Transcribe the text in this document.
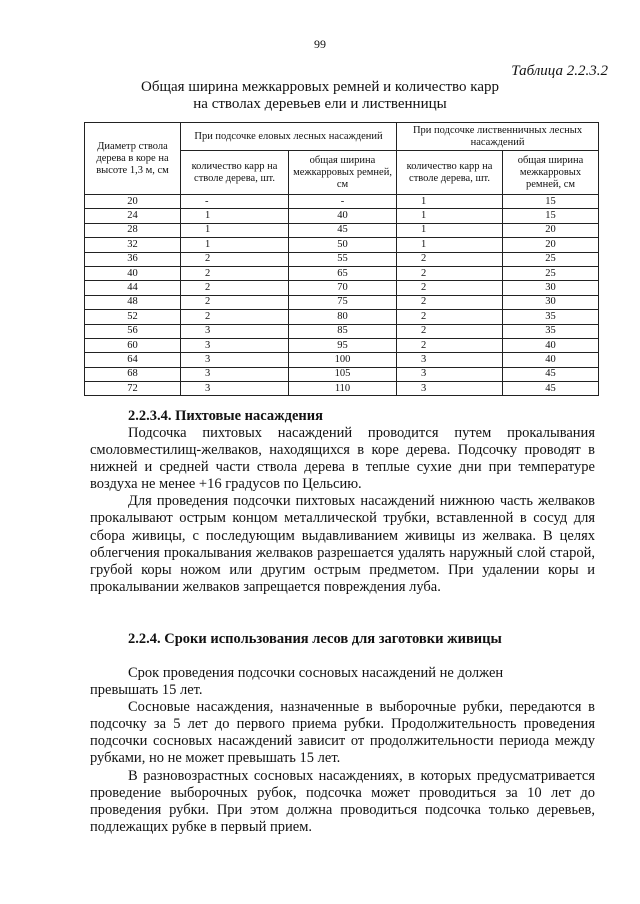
99
Таблица 2.2.3.2
Общая ширина межкарровых ремней и количество карр
на стволах деревьев ели и лиственницы
Диаметр ствола дерева в коре на высоте 1,3 м, см	При подсочке еловых лесных насаждений		При подсочке лиственничных лесных насаждений	
	количество карр на стволе дерева, шт.	общая ширина межкарровых ремней, см	количество карр на стволе дерева, шт.	общая ширина межкарровых ремней, см
20	-	-	1	15
24	1	40	1	15
28	1	45	1	20
32	1	50	1	20
36	2	55	2	25
40	2	65	2	25
44	2	70	2	30
48	2	75	2	30
52	2	80	2	35
56	3	85	2	35
60	3	95	2	40
64	3	100	3	40
68	3	105	3	45
72	3	110	3	45
2.2.3.4. Пихтовые насаждения

Подсочка пихтовых насаждений проводится путем прокалывания смоловместилищ-желваков, находящихся в коре дерева. Подсочку проводят в нижней и средней части ствола дерева в теплые сухие дни при температуре воздуха не менее +16 градусов по Цельсию.

Для проведения подсочки пихтовых насаждений нижнюю часть желваков прокалывают острым концом металлической трубки, вставленной в сосуд для сбора живицы, с последующим выдавливанием живицы из желвака. В целях облегчения прокалывания желваков разрешается удалять наружный слой старой, грубой коры ножом или другим острым предметом. При удалении коры и прокалывании желваков запрещается повреждения луба.

2.2.4. Сроки использования лесов для заготовки живицы

Срок проведения подсочки сосновых насаждений не должен
превышать 15 лет.

Сосновые насаждения, назначенные в выборочные рубки, передаются в подсочку за 5 лет до первого приема рубки. Продолжительность проведения подсочки сосновых насаждений зависит от продолжительности периода между рубками, но не может превышать 15 лет.

В разновозрастных сосновых насаждениях, в которых предусматривается проведение выборочных рубок, подсочка может проводиться за 10 лет до проведения рубки. При этом должна проводиться подсочка только деревьев, подлежащих рубке в первый прием.
